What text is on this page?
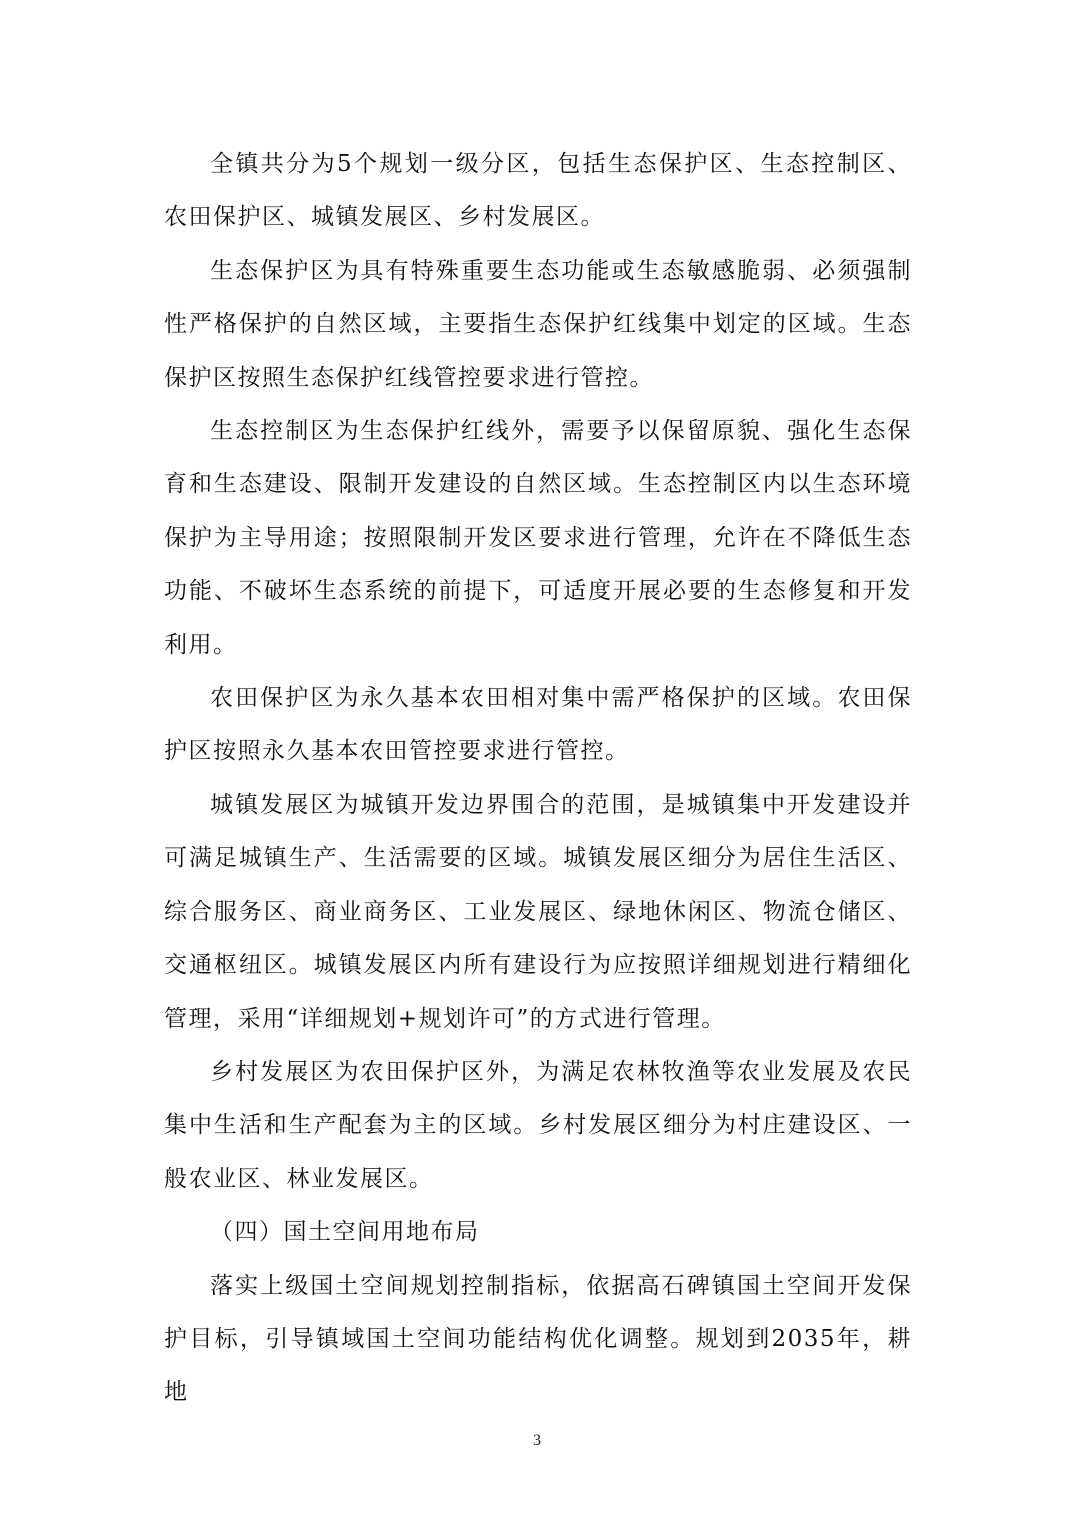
全镇共分为5个规划一级分区，包括生态保护区、生态控制区、农田保护区、城镇发展区、乡村发展区。

生态保护区为具有特殊重要生态功能或生态敏感脆弱、必须强制性严格保护的自然区域，主要指生态保护红线集中划定的区域。生态保护区按照生态保护红线管控要求进行管控。

生态控制区为生态保护红线外，需要予以保留原貌、强化生态保育和生态建设、限制开发建设的自然区域。生态控制区内以生态环境保护为主导用途；按照限制开发区要求进行管理，允许在不降低生态功能、不破坏生态系统的前提下，可适度开展必要的生态修复和开发利用。

农田保护区为永久基本农田相对集中需严格保护的区域。农田保护区按照永久基本农田管控要求进行管控。

城镇发展区为城镇开发边界围合的范围，是城镇集中开发建设并可满足城镇生产、生活需要的区域。城镇发展区细分为居住生活区、综合服务区、商业商务区、工业发展区、绿地休闲区、物流仓储区、交通枢纽区。城镇发展区内所有建设行为应按照详细规划进行精细化管理，采用“详细规划+规划许可”的方式进行管理。

乡村发展区为农田保护区外，为满足农林牧渔等农业发展及农民集中生活和生产配套为主的区域。乡村发展区细分为村庄建设区、一般农业区、林业发展区。

（四）国土空间用地布局

落实上级国土空间规划控制指标，依据高石碑镇国土空间开发保护目标，引导镇域国土空间功能结构优化调整。规划到2035年，耕地

3
